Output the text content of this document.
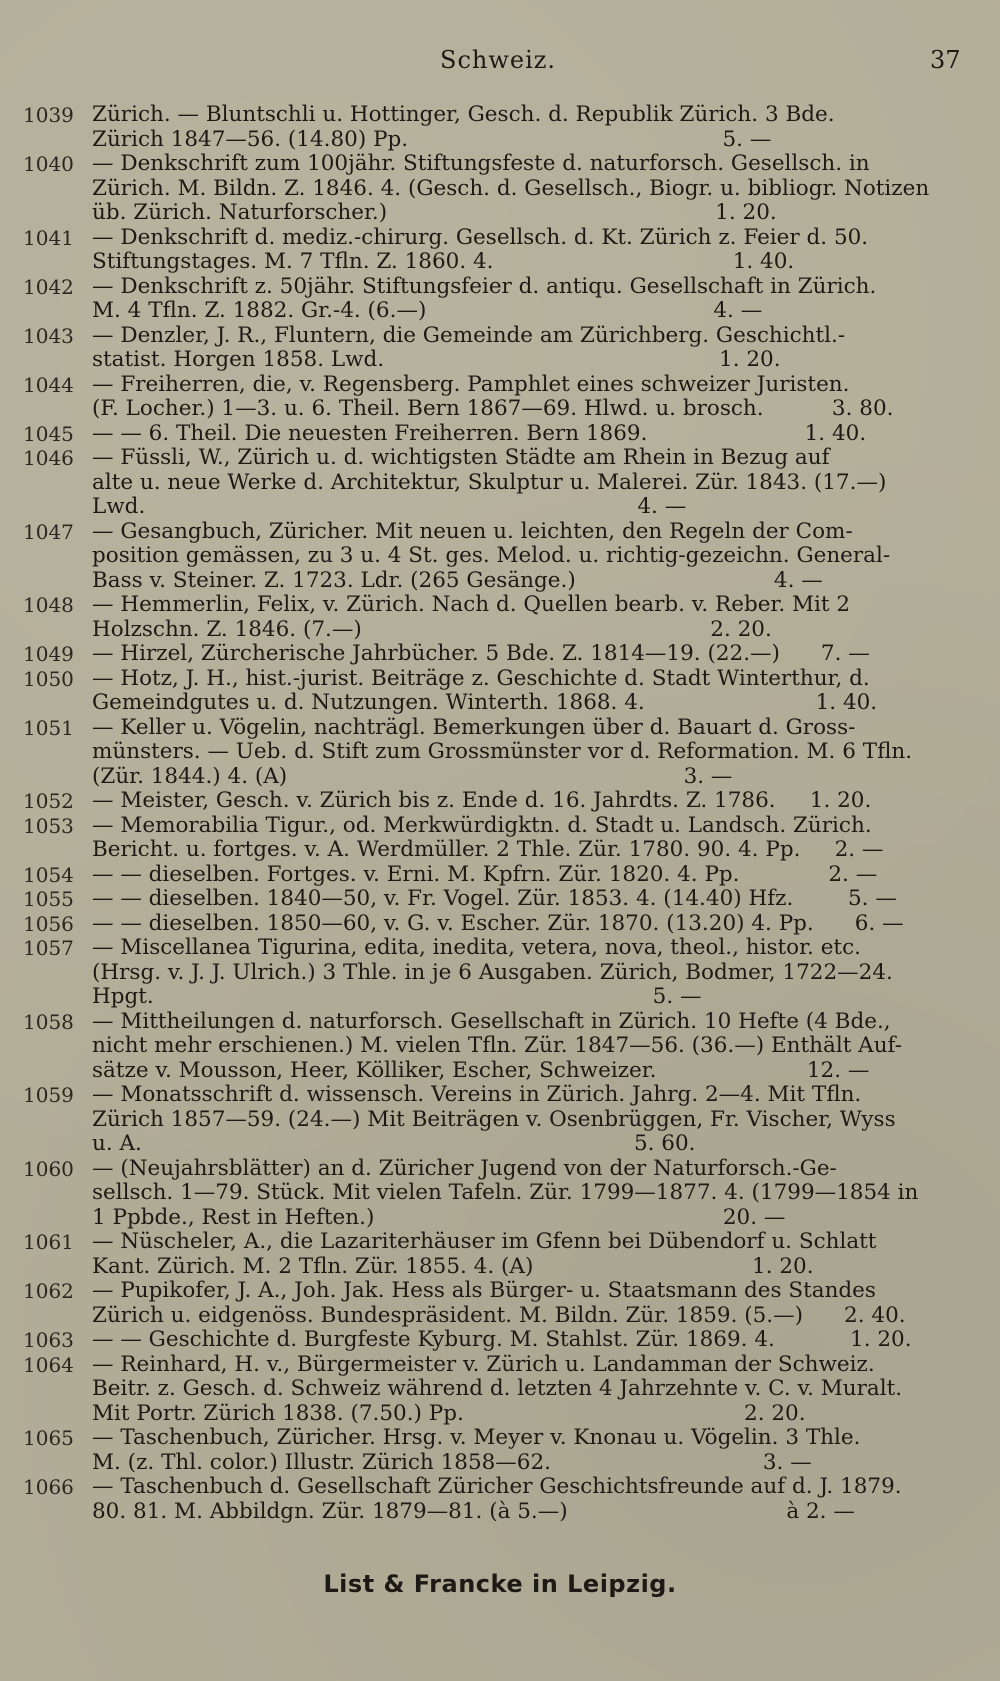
Schweiz.	37
1039 Zürich. — Bluntschli u. Hottinger, Gesch. d. Republik Zürich. 3 Bde.
Zürich 1847—56. (14.80) Pp.                                              5. —
1040 — Denkschrift zum 100jähr. Stiftungsfeste d. naturforsch. Gesellsch. in
Zürich. M. Bildn. Z. 1846. 4. (Gesch. d. Gesellsch., Biogr. u. bibliogr. Notizen
üb. Zürich. Naturforscher.)                                                1. 20.
1041 — Denkschrift d. mediz.-chirurg. Gesellsch. d. Kt. Zürich z. Feier d. 50.
Stiftungstages. M. 7 Tfln. Z. 1860. 4.                                   1. 40.
1042 — Denkschrift z. 50jähr. Stiftungsfeier d. antiqu. Gesellschaft in Zürich.
M. 4 Tfln. Z. 1882. Gr.-4. (6.—)                                          4. —
1043 — Denzler, J. R., Fluntern, die Gemeinde am Zürichberg. Geschichtl.-
statist. Horgen 1858. Lwd.                                                 1. 20.
1044 — Freiherren, die, v. Regensberg. Pamphlet eines schweizer Juristen.
(F. Locher.) 1—3. u. 6. Theil. Bern 1867—69. Hlwd. u. brosch.          3. 80.
1045 — — 6. Theil. Die neuesten Freiherren. Bern 1869.                       1. 40.
1046 — Füssli, W., Zürich u. d. wichtigsten Städte am Rhein in Bezug auf
alte u. neue Werke d. Architektur, Skulptur u. Malerei. Zür. 1843. (17.—)
Lwd.                                                                        4. —
1047 — Gesangbuch, Züricher. Mit neuen u. leichten, den Regeln der Com-
position gemässen, zu 3 u. 4 St. ges. Melod. u. richtig-gezeichn. General-
Bass v. Steiner. Z. 1723. Ldr. (265 Gesänge.)                             4. —
1048 — Hemmerlin, Felix, v. Zürich. Nach d. Quellen bearb. v. Reber. Mit 2
Holzschn. Z. 1846. (7.—)                                                   2. 20.
1049 — Hirzel, Zürcherische Jahrbücher. 5 Bde. Z. 1814—19. (22.—)      7. —
1050 — Hotz, J. H., hist.-jurist. Beiträge z. Geschichte d. Stadt Winterthur, d.
Gemeindgutes u. d. Nutzungen. Winterth. 1868. 4.                         1. 40.
1051 — Keller u. Vögelin, nachträgl. Bemerkungen über d. Bauart d. Gross-
münsters. — Ueb. d. Stift zum Grossmünster vor d. Reformation. M. 6 Tfln.
(Zür. 1844.) 4. (A)                                                          3. —
1052 — Meister, Gesch. v. Zürich bis z. Ende d. 16. Jahrdts. Z. 1786.     1. 20.
1053 — Memorabilia Tigur., od. Merkwürdigktn. d. Stadt u. Landsch. Zürich.
Bericht. u. fortges. v. A. Werdmüller. 2 Thle. Zür. 1780. 90. 4. Pp.     2. —
1054 — — dieselben. Fortges. v. Erni. M. Kpfrn. Zür. 1820. 4. Pp.             2. —
1055 — — dieselben. 1840—50, v. Fr. Vogel. Zür. 1853. 4. (14.40) Hfz.        5. —
1056 — — dieselben. 1850—60, v. G. v. Escher. Zür. 1870. (13.20) 4. Pp.      6. —
1057 — Miscellanea Tigurina, edita, inedita, vetera, nova, theol., histor. etc.
(Hrsg. v. J. J. Ulrich.) 3 Thle. in je 6 Ausgaben. Zürich, Bodmer, 1722—24.
Hpgt.                                                                         5. —
1058 — Mittheilungen d. naturforsch. Gesellschaft in Zürich. 10 Hefte (4 Bde.,
nicht mehr erschienen.) M. vielen Tfln. Zür. 1847—56. (36.—) Enthält Auf-
sätze v. Mousson, Heer, Kölliker, Escher, Schweizer.                      12. —
1059 — Monatsschrift d. wissensch. Vereins in Zürich. Jahrg. 2—4. Mit Tfln.
Zürich 1857—59. (24.—) Mit Beiträgen v. Osenbrüggen, Fr. Vischer, Wyss
u. A.                                                                        5. 60.
1060 — (Neujahrsblätter) an d. Züricher Jugend von der Naturforsch.-Ge-
sellsch. 1—79. Stück. Mit vielen Tafeln. Zür. 1799—1877. 4. (1799—1854 in
1 Ppbde., Rest in Heften.)                                                   20. —
1061 — Nüscheler, A., die Lazariterhäuser im Gfenn bei Dübendorf u. Schlatt
Kant. Zürich. M. 2 Tfln. Zür. 1855. 4. (A)                                1. 20.
1062 — Pupikofer, J. A., Joh. Jak. Hess als Bürger- u. Staatsmann des Standes
Zürich u. eidgenöss. Bundespräsident. M. Bildn. Zür. 1859. (5.—)      2. 40.
1063 — — Geschichte d. Burgfeste Kyburg. M. Stahlst. Zür. 1869. 4.           1. 20.
1064 — Reinhard, H. v., Bürgermeister v. Zürich u. Landamman der Schweiz.
Beitr. z. Gesch. d. Schweiz während d. letzten 4 Jahrzehnte v. C. v. Muralt.
Mit Portr. Zürich 1838. (7.50.) Pp.                                         2. 20.
1065 — Taschenbuch, Züricher. Hrsg. v. Meyer v. Knonau u. Vögelin. 3 Thle.
M. (z. Thl. color.) Illustr. Zürich 1858—62.                               3. —
1066 — Taschenbuch d. Gesellschaft Züricher Geschichtsfreunde auf d. J. 1879.
80. 81. M. Abbildgn. Zür. 1879—81. (à 5.—)                                à 2. —
List & Francke in Leipzig.
